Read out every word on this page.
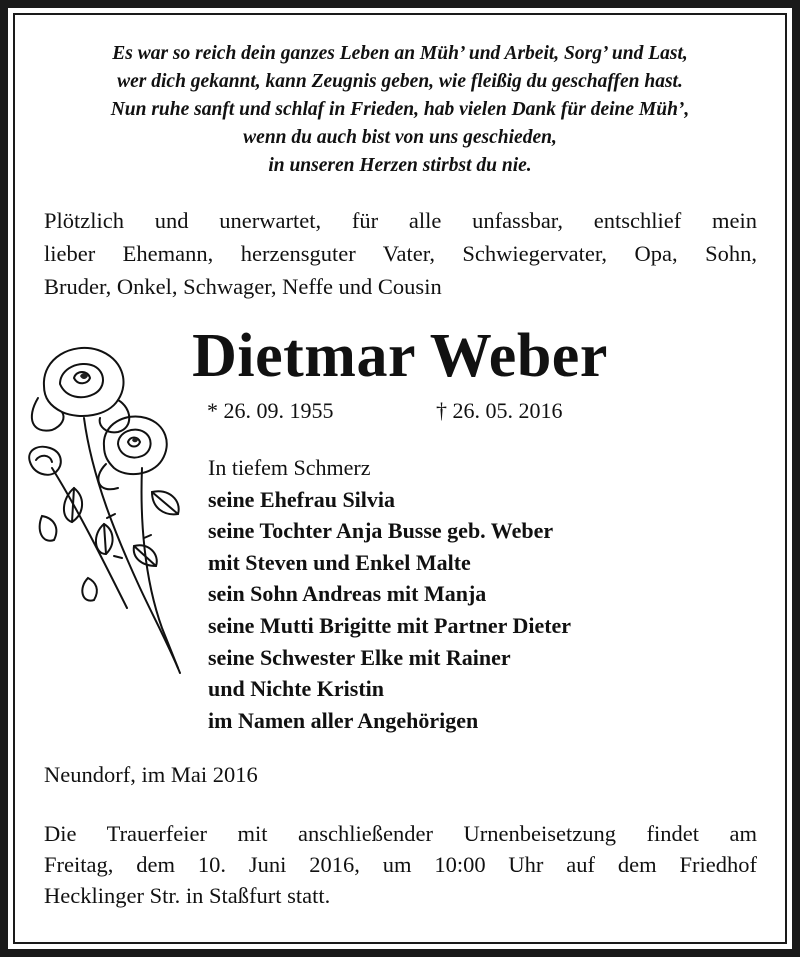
Es war so reich dein ganzes Leben an Müh’ und Arbeit, Sorg’ und Last,
wer dich gekannt, kann Zeugnis geben, wie fleißig du geschaffen hast.
Nun ruhe sanft und schlaf in Frieden, hab vielen Dank für deine Müh’,
wenn du auch bist von uns geschieden,
in unseren Herzen stirbst du nie.
Plötzlich und unerwartet, für alle unfassbar, entschlief mein
lieber Ehemann, herzensguter Vater, Schwiegervater, Opa, Sohn,
Bruder, Onkel, Schwager, Neffe und Cousin
Dietmar Weber
* 26. 09. 1955	† 26. 05. 2016
In tiefem Schmerz
seine Ehefrau Silvia
seine Tochter Anja Busse geb. Weber
mit Steven und Enkel Malte
sein Sohn Andreas mit Manja
seine Mutti Brigitte mit Partner Dieter
seine Schwester Elke mit Rainer
und Nichte Kristin
im Namen aller Angehörigen
Neundorf, im Mai 2016
Die Trauerfeier mit anschließender Urnenbeisetzung findet am
Freitag, dem 10. Juni 2016, um 10:00 Uhr auf dem Friedhof
Hecklinger Str. in Staßfurt statt.
